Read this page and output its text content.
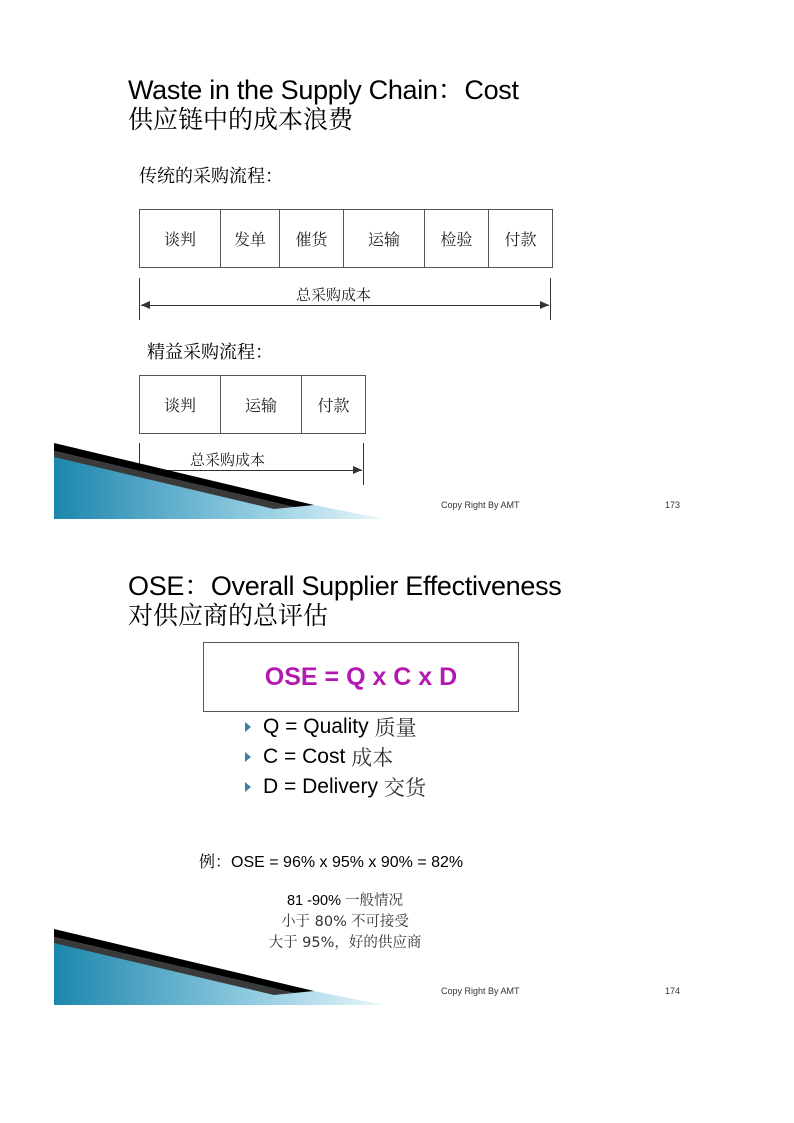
Waste in the Supply Chain：Cost
供应链中的成本浪费
传统的采购流程：
谈判	发单	催货	运输	检验	付款
总采购成本
精益采购流程：
谈判	运输	付款
总采购成本
Copy Right By AMT	173
OSE：Overall Supplier Effectiveness
对供应商的总评估
OSE = Q x C x D
Q = Quality 质量
C = Cost 成本
D = Delivery 交货
例：OSE = 96% x 95% x 90% = 82%
81 -90% 一般情况
小于 80% 不可接受
大于 95%，好的供应商
Copy Right By AMT	174
